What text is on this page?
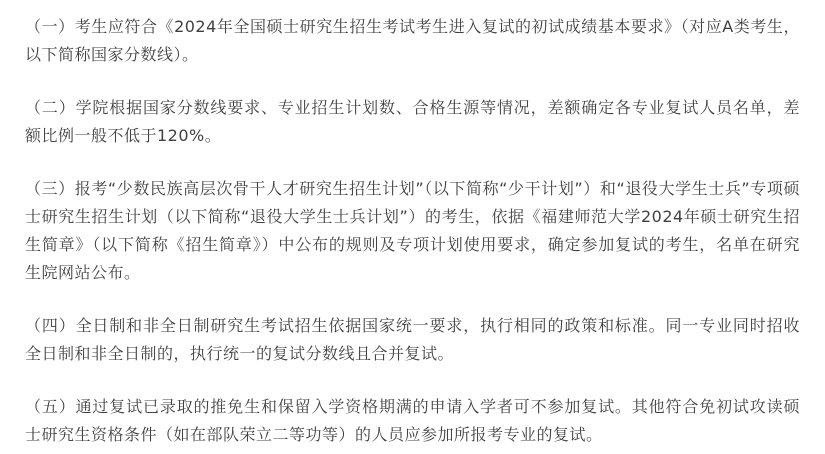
（一）考生应符合《2024年全国硕士研究生招生考试考生进入复试的初试成绩基本要求》（对应A类考生，以下简称国家分数线）。

（二）学院根据国家分数线要求、专业招生计划数、合格生源等情况，差额确定各专业复试人员名单，差额比例一般不低于120%。

（三）报考“少数民族高层次骨干人才研究生招生计划”（以下简称“少干计划”）和“退役大学生士兵”专项硕士研究生招生计划（以下简称“退役大学生士兵计划”）的考生，依据《福建师范大学2024年硕士研究生招生简章》（以下简称《招生简章》）中公布的规则及专项计划使用要求，确定参加复试的考生，名单在研究生院网站公布。

（四）全日制和非全日制研究生考试招生依据国家统一要求，执行相同的政策和标准。同一专业同时招收全日制和非全日制的，执行统一的复试分数线且合并复试。

（五）通过复试已录取的推免生和保留入学资格期满的申请入学者可不参加复试。其他符合免初试攻读硕士研究生资格条件（如在部队荣立二等功等）的人员应参加所报考专业的复试。
